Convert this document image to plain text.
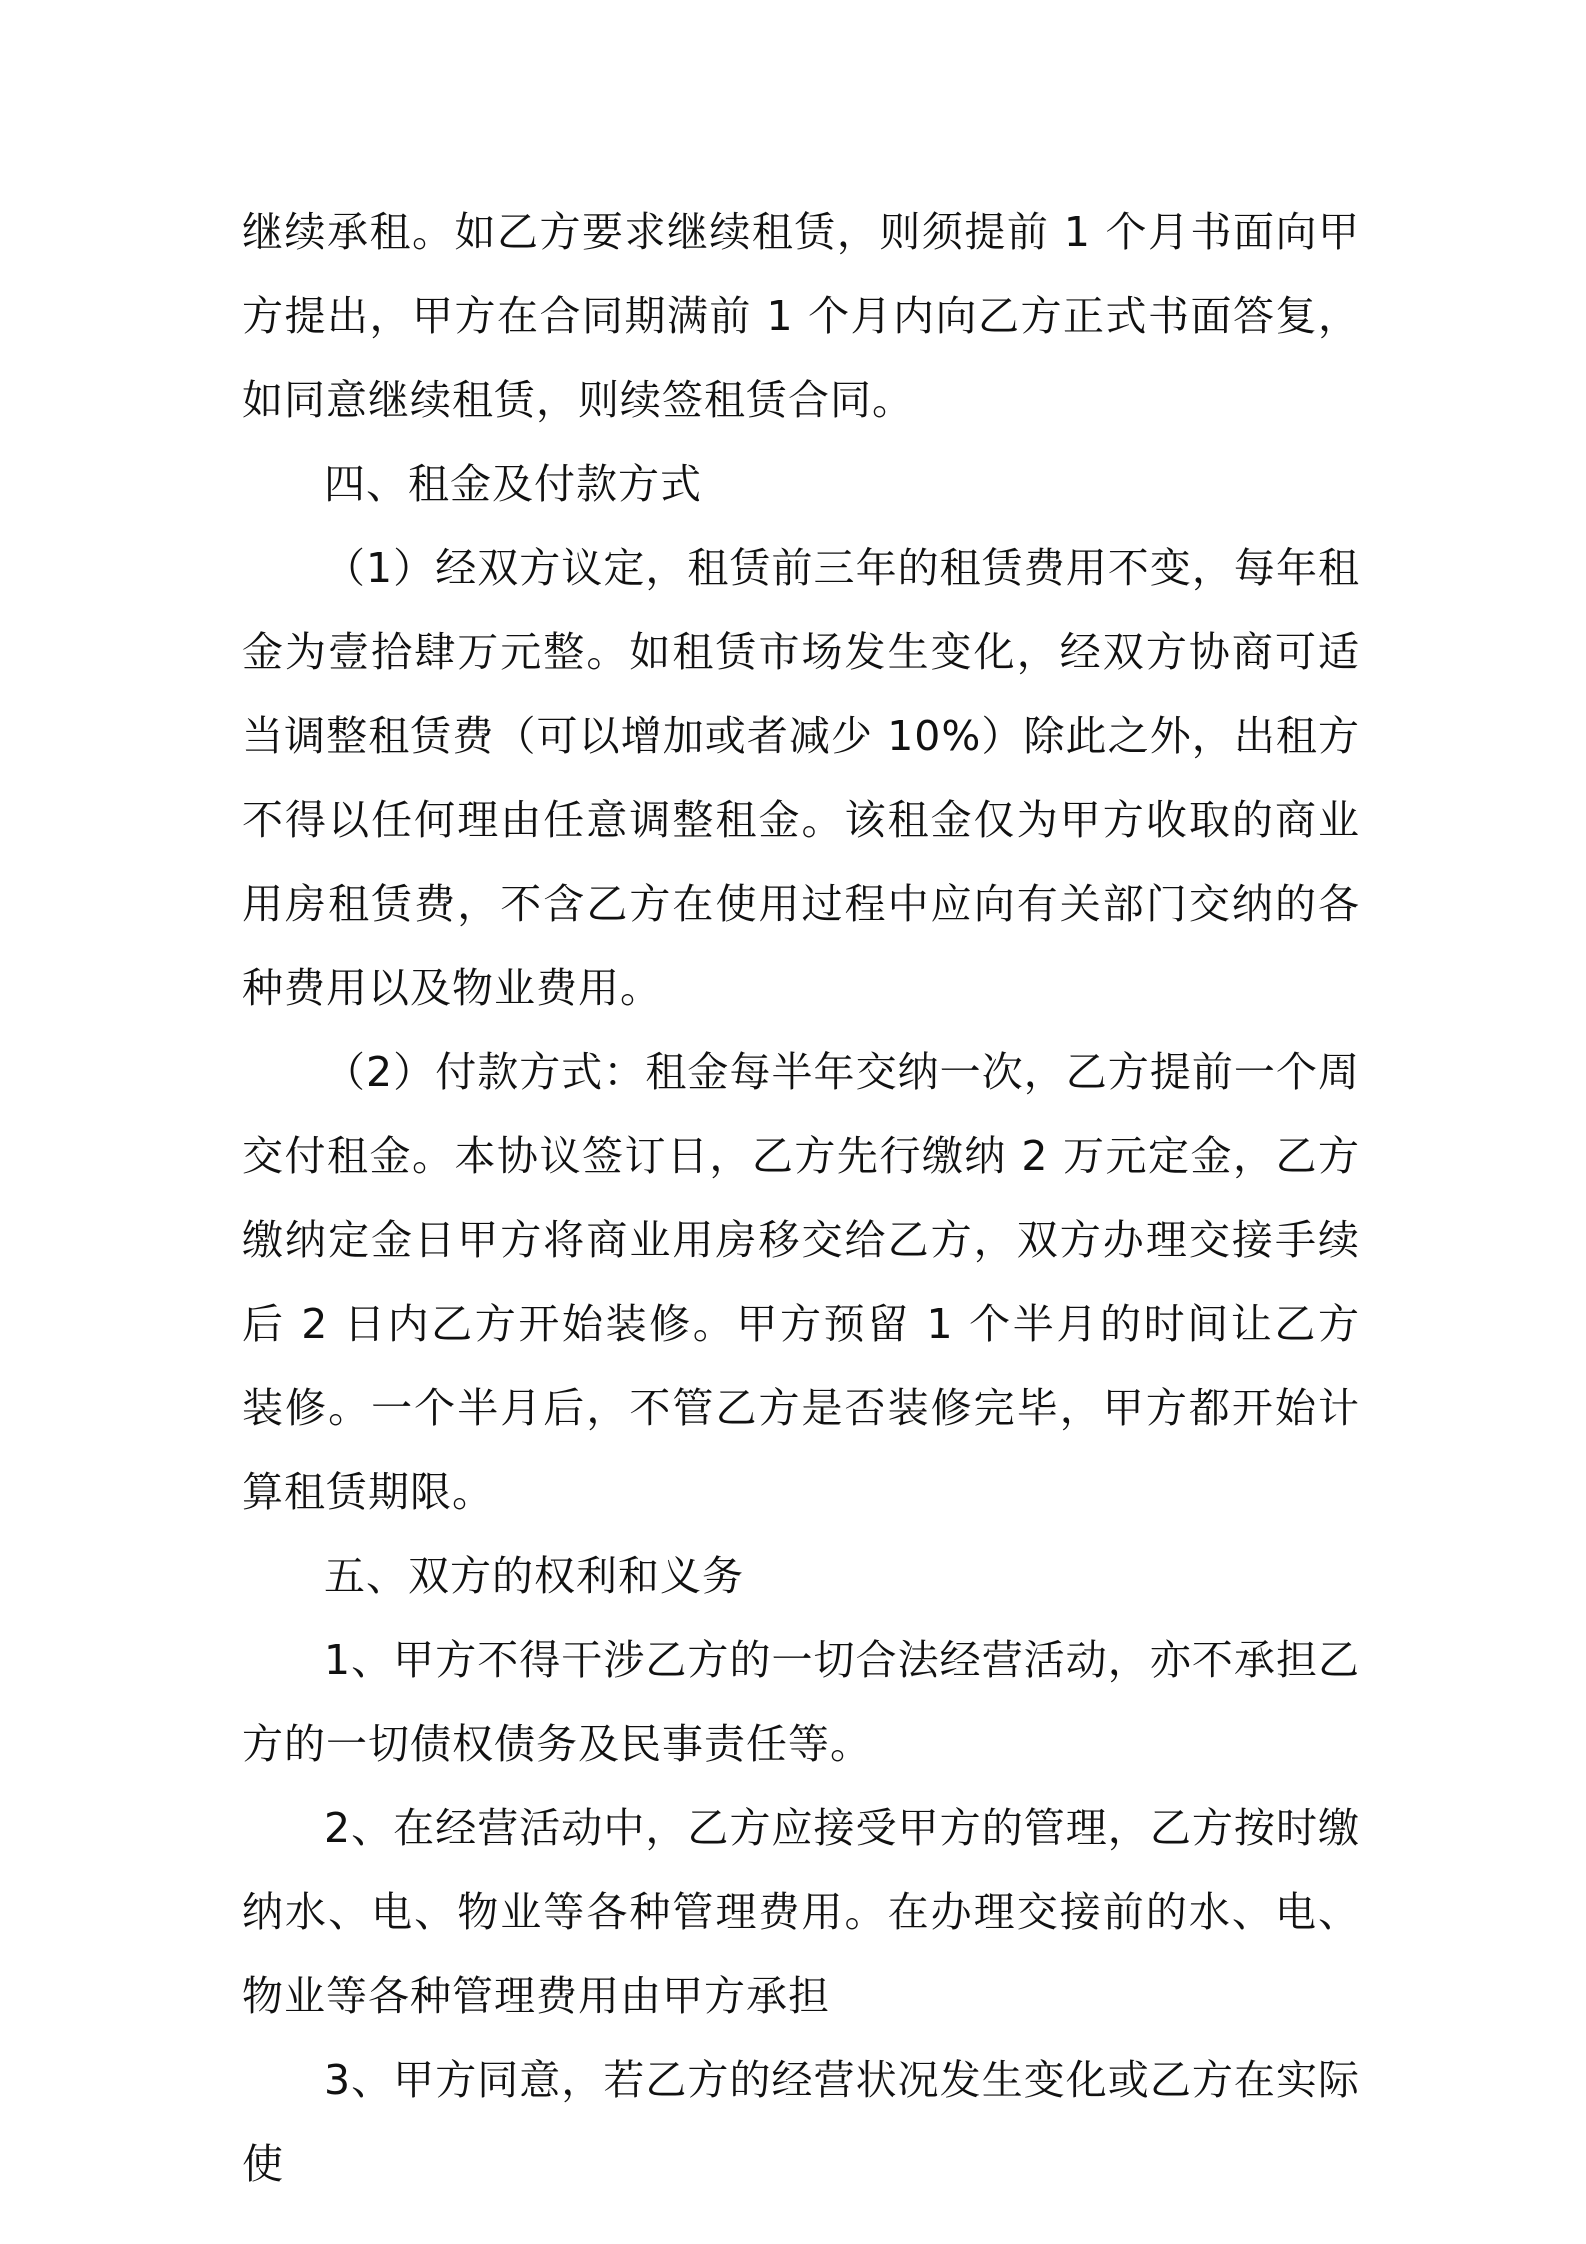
继续承租。如乙方要求继续租赁，则须提前 1 个月书面向甲方提出，甲方在合同期满前 1 个月内向乙方正式书面答复，如同意继续租赁，则续签租赁合同。

四、租金及付款方式

（1）经双方议定，租赁前三年的租赁费用不变，每年租金为壹拾肆万元整。如租赁市场发生变化，经双方协商可适当调整租赁费（可以增加或者减少 10%）除此之外，出租方不得以任何理由任意调整租金。该租金仅为甲方收取的商业用房租赁费，不含乙方在使用过程中应向有关部门交纳的各种费用以及物业费用。

（2）付款方式：租金每半年交纳一次，乙方提前一个周交付租金。本协议签订日，乙方先行缴纳 2 万元定金，乙方缴纳定金日甲方将商业用房移交给乙方，双方办理交接手续后 2 日内乙方开始装修。甲方预留 1 个半月的时间让乙方装修。一个半月后，不管乙方是否装修完毕，甲方都开始计算租赁期限。

五、双方的权利和义务

1、甲方不得干涉乙方的一切合法经营活动，亦不承担乙方的一切债权债务及民事责任等。

2、在经营活动中，乙方应接受甲方的管理，乙方按时缴纳水、电、物业等各种管理费用。在办理交接前的水、电、物业等各种管理费用由甲方承担

3、甲方同意，若乙方的经营状况发生变化或乙方在实际使
